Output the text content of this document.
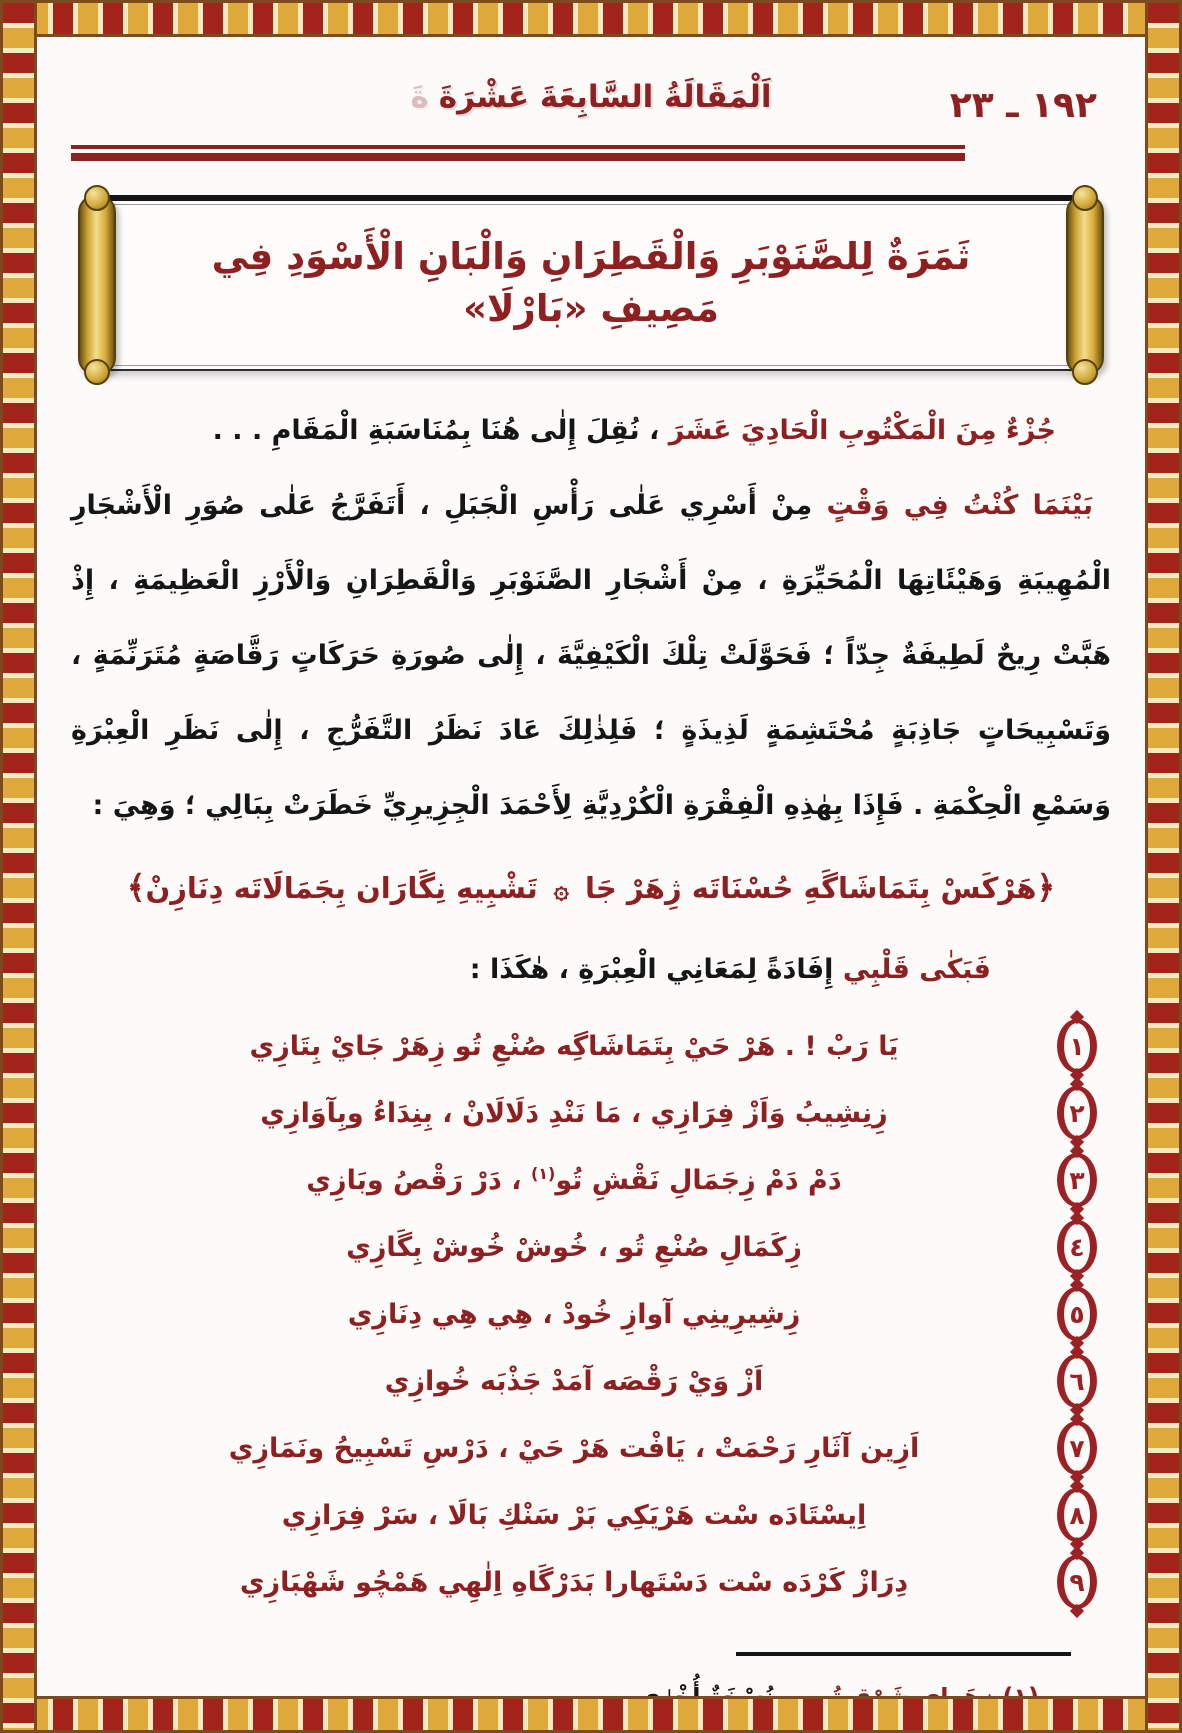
اَلْمَقَالَةُ السَّابِعَةَ عَشْرَةَةَ	١٩٢ ـ ٢٣
ثَمَرَةٌ لِلصَّنَوْبَرِ وَالْقَطِرَانِ وَالْبَانِ الْأَسْوَدِ فِي مَصِيفِ «بَارْلَا»

جُزْءٌ مِنَ الْمَكْتُوبِ الْحَادِيَ عَشَرَ ، نُقِلَ إِلٰى هُنَا بِمُنَاسَبَةِ الْمَقَامِ . . .

بَيْنَمَا كُنْتُ فِي وَقْتٍ مِنْ أَسْرِي عَلٰى رَأْسِ الْجَبَلِ ، أَتَفَرَّجُ عَلٰى صُوَرِ الْأَشْجَارِ الْمُهِيبَةِ وَهَيْئَاتِهَا الْمُحَيِّرَةِ ، مِنْ أَشْجَارِ الصَّنَوْبَرِ وَالْقَطِرَانِ وَالْأَرْزِ الْعَظِيمَةِ ، إِذْ هَبَّتْ رِيحٌ لَطِيفَةٌ جِدّاً ؛ فَحَوَّلَتْ تِلْكَ الْكَيْفِيَّةَ ، إِلٰى صُورَةِ حَرَكَاتٍ رَقَّاصَةٍ مُتَرَنِّمَةٍ ، وَتَسْبِيحَاتٍ جَاذِبَةٍ مُحْتَشِمَةٍ لَذِيذَةٍ ؛ فَلِذٰلِكَ عَادَ نَظَرُ التَّفَرُّجِ ، إِلٰى نَظَرِ الْعِبْرَةِ وَسَمْعِ الْحِكْمَةِ . فَإِذَا بِهٰذِهِ الْفِقْرَةِ الْكُرْدِيَّةِ لِأَحْمَدَ الْجِزِيرِيِّ خَطَرَتْ بِبَالِي ؛ وَهِيَ :

﴿هَرْكَسْ بِتَمَاشَاگَهِ حُسْنَاتَه ژِهَرْ جَا۞تَشْبِيهِ نِگَارَان بِجَمَالَاتَه دِنَازِنْ﴾

فَبَكٰى قَلْبِي إِفَادَةً لِمَعَانِي الْعِبْرَةِ ، هٰكَذَا :

١
يَا رَبْ ! . هَرْ حَيْ بِتَمَاشَاگِه صُنْعِ تُو زِهَرْ جَايْ بِتَازِي
٢
زِنِشِيبُ وَاَزْ فِرَازِي ، مَا نَنْدِ دَلَالَانْ ، بِنِدَاءُ وبِآوَازِي
٣
دَمْ دَمْ زِجَمَالِ نَقْشِ تُو$^{(١)}$ ، دَرْ رَقْصُ وبَازِي
٤
زِكَمَالِ صُنْعِ تُو ، خُوشْ خُوشْ بِگَازِي
٥
زِشِيرِينِي آوازِ خُودْ ، هِي هِي دِنَازِي
٦
اَزْ وَيْ رَقْصَه آمَدْ جَذْبَه خُوازِي
٧
اَزِين آثَارِ رَحْمَتْ ، يَافْت هَرْ حَيْ ، دَرْسِ تَسْبِيحُ ونَمَازِي
٨
اِيسْتَادَه سْت هَرْيَكِي بَرْ سَنْكِ بَالَا ، سَرْ فِرَازِي
٩
دِرَازْ كَرْدَه سْت دَسْتَهارا بَدَرْگَاهِ اِلٰهِي هَمْچُو شَهْبَازِي
